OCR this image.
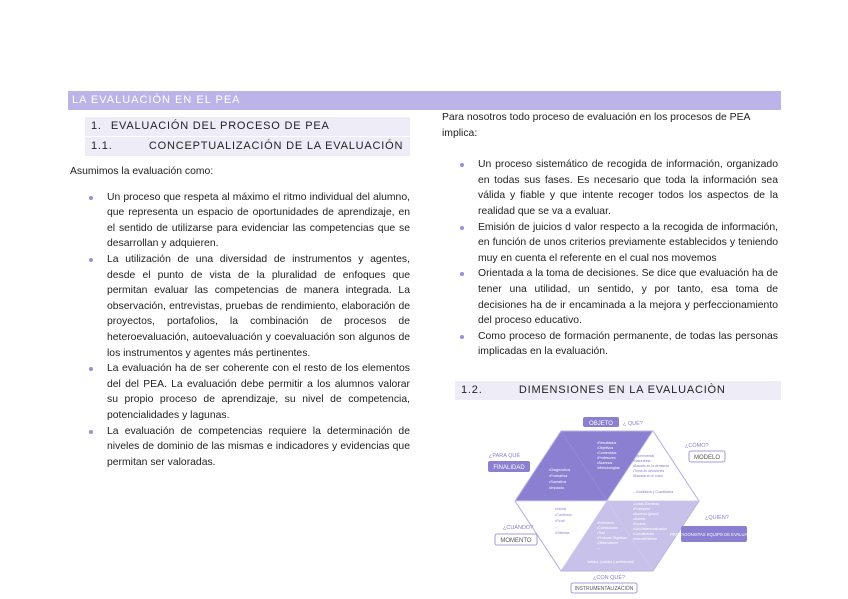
LA EVALUACIÓN EN EL PEA
1. EVALUACIÓN DEL PROCESO DE PEA
1.1.	CONCEPTUALIZACIÓN DE LA EVALUACIÓN

Asumimos la evaluación como:

Un proceso que respeta al máximo el ritmo individual del alumno, que representa un espacio de oportunidades de aprendizaje, en el sentido de utilizarse para evidenciar las competencias que se desarrollan y adquieren.
La utilización de una diversidad de instrumentos y agentes, desde el punto de vista de la pluralidad de enfoques que permitan evaluar las competencias de manera integrada. La observación, entrevistas, pruebas de rendimiento, elaboración de proyectos, portafolios, la combinación de procesos de heteroevaluación, autoevaluación y coevaluación son algunos de los instrumentos y agentes más pertinentes.
La evaluación ha de ser coherente con el resto de los elementos del del PEA. La evaluación debe permitir a los alumnos valorar su propio proceso de aprendizaje, su nivel de competencia, potencialidades y lagunas.
La evaluación de competencias requiere la determinación de niveles de dominio de las mismas e indicadores y evidencias que permitan ser valoradas.

Para nosotros todo proceso de evaluación en los procesos de PEA implica:

Un proceso sistemático de recogida de información, organizado en todas sus fases. Es necesario que toda la información sea válida y fiable y que intente recoger todos los aspectos de la realidad que se va a evaluar.
Emisión de juicios d valor respecto a la recogida de información, en función de unos criterios previamente establecidos y teniendo muy en cuenta el referente en el cual nos movemos
Orientada a la toma de decisiones. Se dice que evaluación ha de tener una utilidad, un sentido, y por tanto, esa toma de decisiones ha de ir encaminada a la mejora y perfeccionamiento del proceso educativo.
Como proceso de formación permanente, de todas las personas implicadas en la evaluación.
1.2.	DIMENSIONES EN LA EVALUACIÒN
OBJETO ¿ QUÉ?
¿PARA QUÉ
FINALIDAD
¿CÓMO?
MODELO
¿CUÁNDO?
MOMENTO
¿QUIÉN?
PROTAGONISTAS EQUIPO DE EVALUACIÓN
¿CON QUÉ?
INSTRUMENTALIZACIÓN
•Resultados
•Objetivos
•Contenidos
•Profesores
•Alumnos
•Metodologías
•Diagnóstica
•Formativa
•Sumativa
•Impacto
•Experimental
•Naturalista
•Basado en la demanda
•Toma de decisiones
•Basada en el costo
...Cualitativa y Cuantitativa
•Inicial
•Continua
•Final
...
•Diferida
•Entrevista
•Cuestionario
•Test
•Pruebas Objetivas
•Observación
...
Validez, (validez y pertinencia)
•Juntas Directivas
•Profesores
•Alumnos (grupo)
•Alumno
•Experto
•Auto/heteroevaluación
•Coevaluación
•Interna/Externa
